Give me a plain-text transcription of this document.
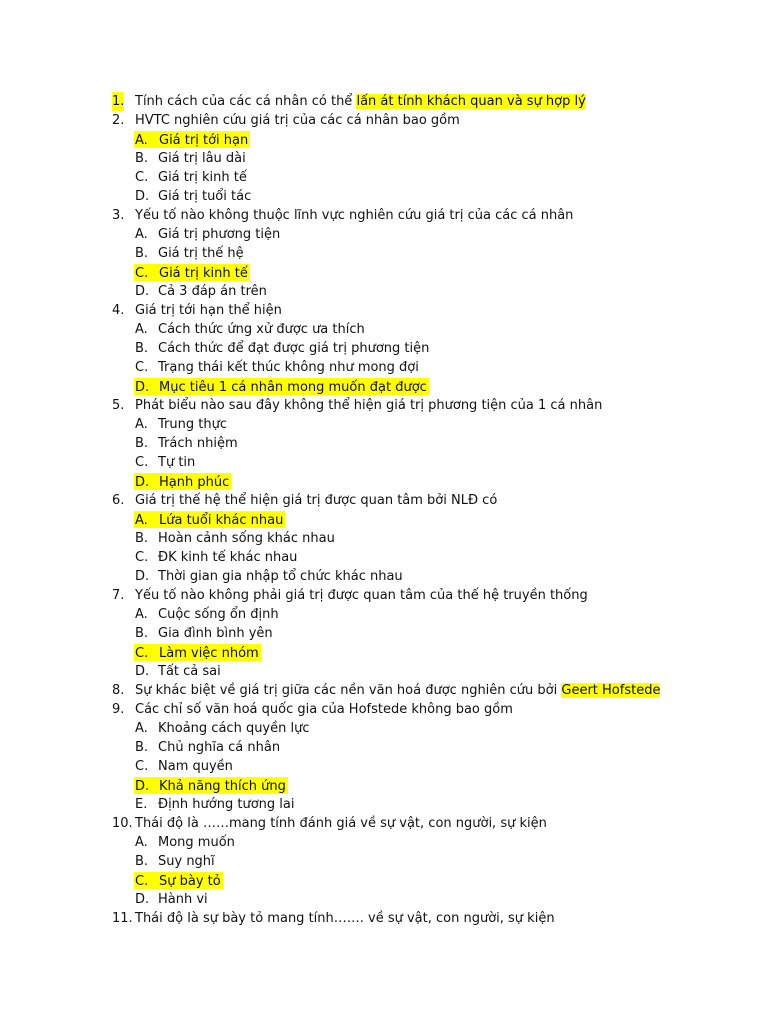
1. Tính cách của các cá nhân có thể lấn át tính khách quan và sự hợp lý
2. HVTC nghiên cứu giá trị của các cá nhân bao gồm
A. Giá trị tới hạn
B. Giá trị lâu dài
C. Giá trị kinh tế
D. Giá trị tuổi tác
3. Yếu tố nào không thuộc lĩnh vực nghiên cứu giá trị của các cá nhân
A. Giá trị phương tiện
B. Giá trị thế hệ
C. Giá trị kinh tế
D. Cả 3 đáp án trên
4. Giá trị tới hạn thể hiện
A. Cách thức ứng xử được ưa thích
B. Cách thức để đạt được giá trị phương tiện
C. Trạng thái kết thúc không như mong đợi
D. Mục tiêu 1 cá nhân mong muốn đạt được
5. Phát biểu nào sau đây không thể hiện giá trị phương tiện của 1 cá nhân
A. Trung thực
B. Trách nhiệm
C. Tự tin
D. Hạnh phúc
6. Giá trị thế hệ thể hiện giá trị được quan tâm bởi NLĐ có
A. Lứa tuổi khác nhau
B. Hoàn cảnh sống khác nhau
C. ĐK kinh tế khác nhau
D. Thời gian gia nhập tổ chức khác nhau
7. Yếu tố nào không phải giá trị được quan tâm của thế hệ truyền thống
A. Cuộc sống ổn định
B. Gia đình bình yên
C. Làm việc nhóm
D. Tất cả sai
8. Sự khác biệt về giá trị giữa các nền văn hoá được nghiên cứu bởi Geert Hofstede
9. Các chỉ số văn hoá quốc gia của Hofstede không bao gồm
A. Khoảng cách quyền lực
B. Chủ nghĩa cá nhân
C. Nam quyền
D. Khả năng thích ứng
E. Định hướng tương lai
10. Thái độ là ……mang tính đánh giá về sự vật, con người, sự kiện
A. Mong muốn
B. Suy nghĩ
C. Sự bày tỏ
D. Hành vi
11. Thái độ là sự bày tỏ mang tính……. về sự vật, con người, sự kiện
